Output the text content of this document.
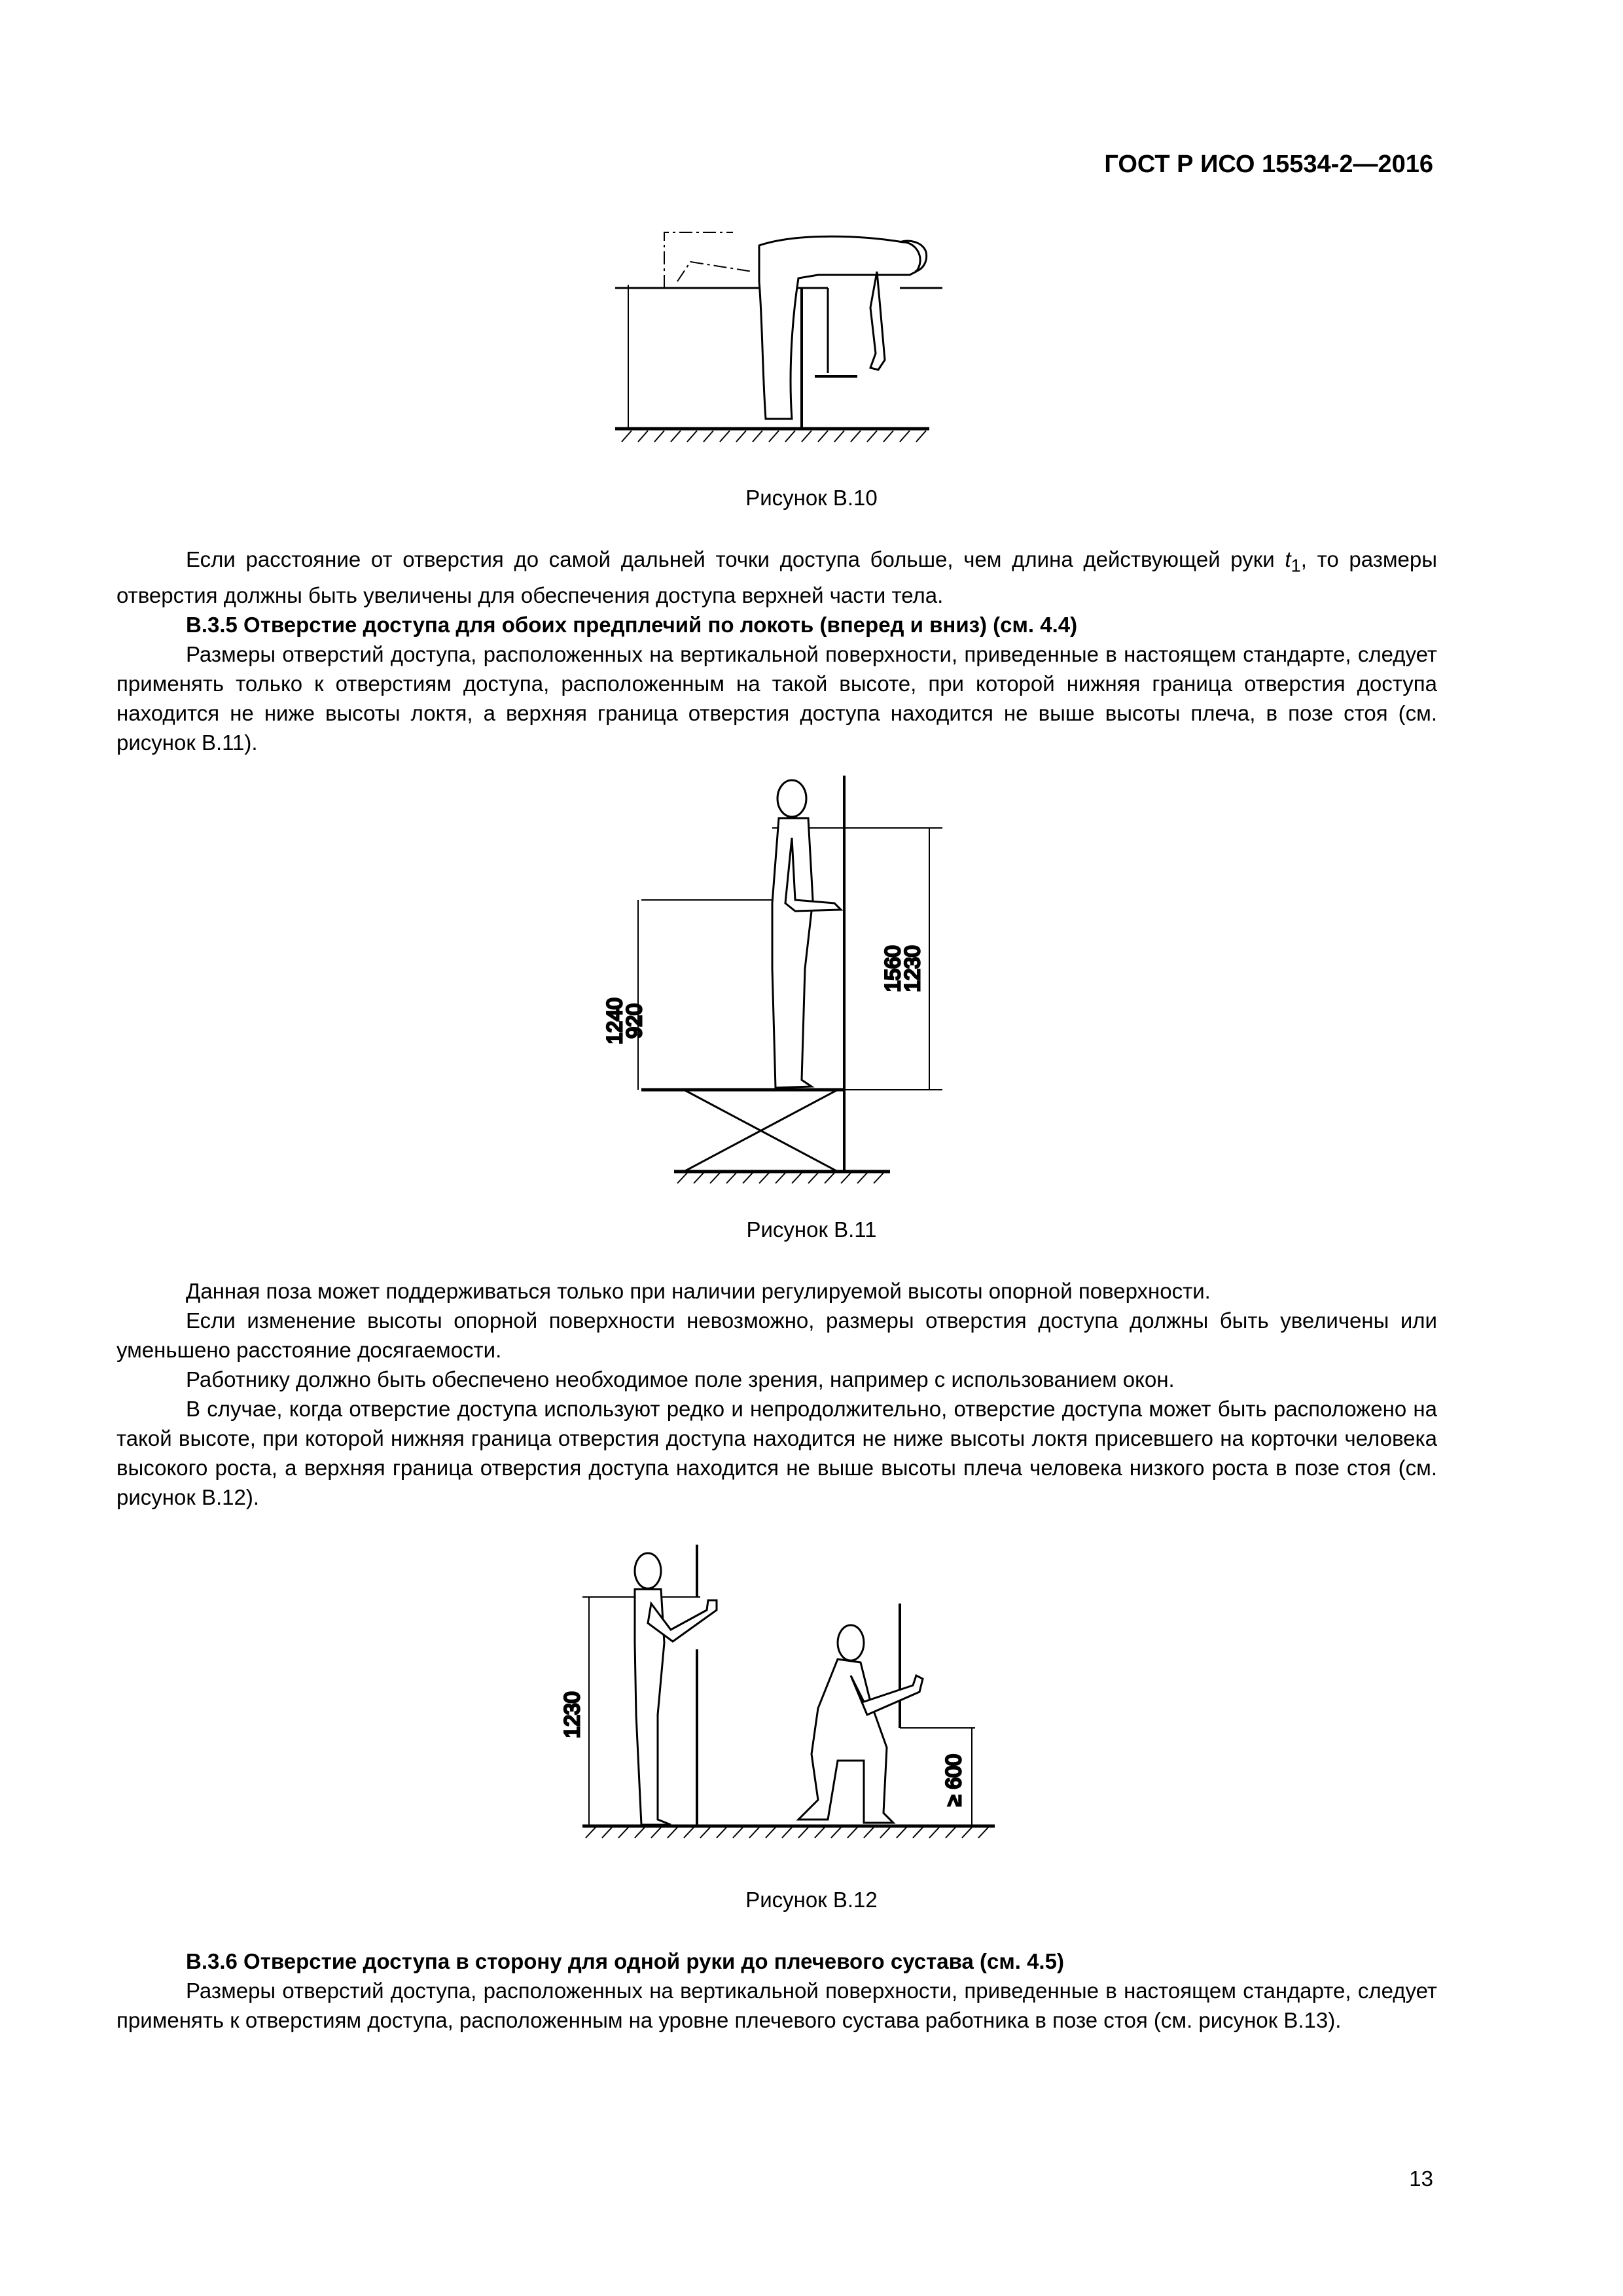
ГОСТ Р ИСО 15534-2—2016
Рисунок В.10

Если расстояние от отверстия до самой дальней точки доступа больше, чем длина действующей руки $t_1$, то размеры отверстия должны быть увеличены для обеспечения доступа верхней части тела.

В.3.5 Отверстие доступа для обоих предплечий по локоть (вперед и вниз) (см. 4.4)

Размеры отверстий доступа, расположенных на вертикальной поверхности, приведенные в настоящем стандарте, следует применять только к отверстиям доступа, расположенным на такой высоте, при которой нижняя граница отверстия доступа находится не ниже высоты локтя, а верхняя граница отверстия доступа находится не выше высоты плеча, в позе стоя (см. рисунок В.11).

1240
920
1560
1230
Рисунок В.11

Данная поза может поддерживаться только при наличии регулируемой высоты опорной поверхности.

Если изменение высоты опорной поверхности невозможно, размеры отверстия доступа должны быть увеличены или уменьшено расстояние досягаемости.

Работнику должно быть обеспечено необходимое поле зрения, например с использованием окон.

В случае, когда отверстие доступа используют редко и непродолжительно, отверстие доступа может быть расположено на такой высоте, при которой нижняя граница отверстия доступа находится не ниже высоты локтя присевшего на корточки человека высокого роста, а верхняя граница отверстия доступа находится не выше высоты плеча человека низкого роста в позе стоя (см. рисунок В.12).

1230
≥ 600
Рисунок В.12

В.3.6 Отверстие доступа в сторону для одной руки до плечевого сустава (см. 4.5)

Размеры отверстий доступа, расположенных на вертикальной поверхности, приведенные в настоящем стандарте, следует применять к отверстиям доступа, расположенным на уровне плечевого сустава работника в позе стоя (см. рисунок В.13).

13
